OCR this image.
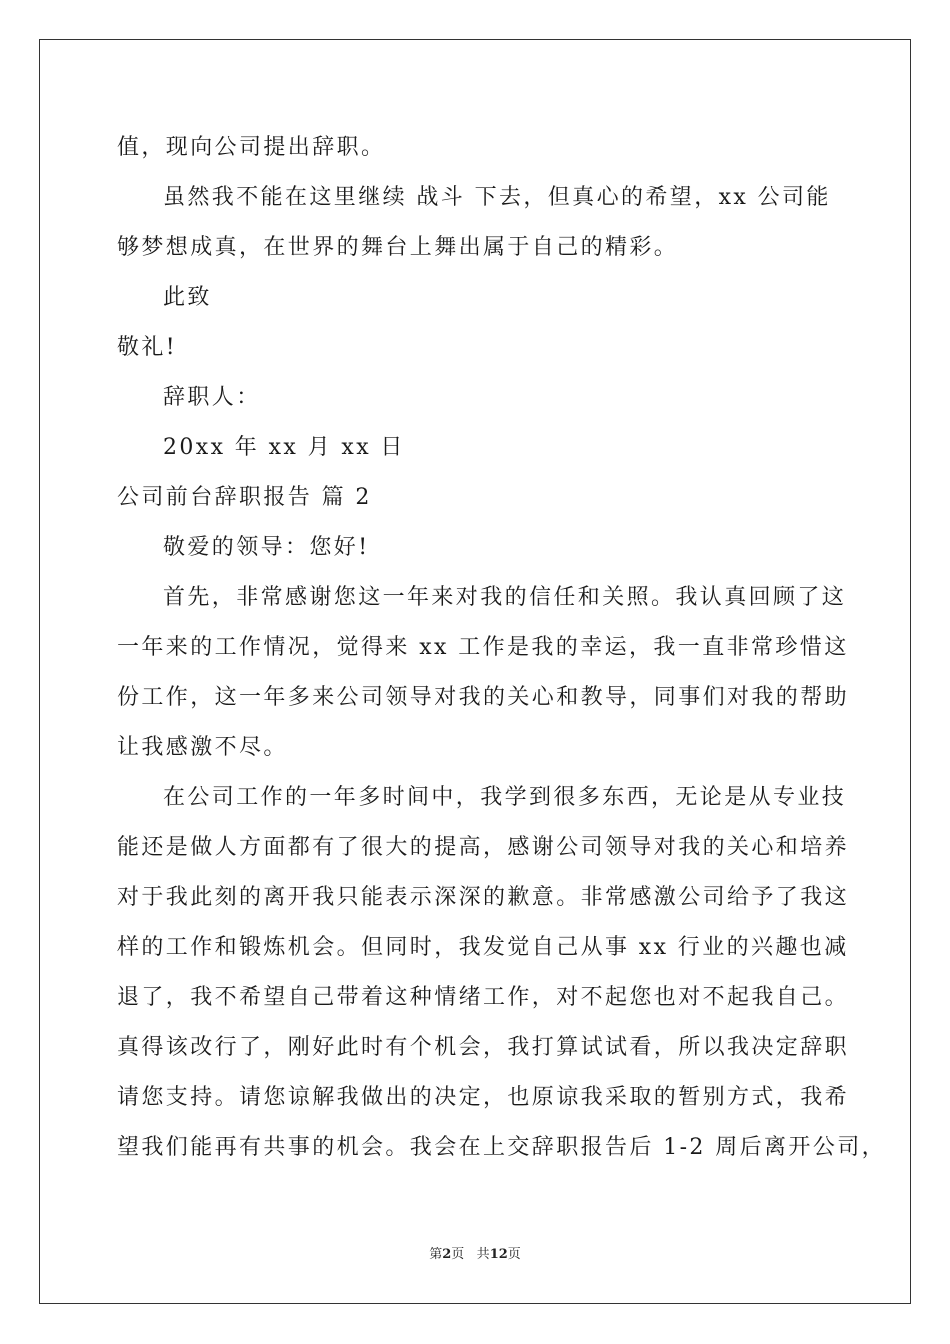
值，现向公司提出辞职。
虽然我不能在这里继续 战斗 下去，但真心的希望，xx 公司能
够梦想成真，在世界的舞台上舞出属于自己的精彩。
此致
敬礼!
辞职人：
20xx 年 xx 月 xx 日
公司前台辞职报告 篇 2
敬爱的领导：您好!
首先，非常感谢您这一年来对我的信任和关照。我认真回顾了这
一年来的工作情况，觉得来 xx 工作是我的幸运，我一直非常珍惜这
份工作，这一年多来公司领导对我的关心和教导，同事们对我的帮助
让我感激不尽。
在公司工作的一年多时间中，我学到很多东西，无论是从专业技
能还是做人方面都有了很大的提高，感谢公司领导对我的关心和培养
对于我此刻的离开我只能表示深深的歉意。非常感激公司给予了我这
样的工作和锻炼机会。但同时，我发觉自己从事 xx 行业的兴趣也减
退了，我不希望自己带着这种情绪工作，对不起您也对不起我自己。
真得该改行了，刚好此时有个机会，我打算试试看，所以我决定辞职
请您支持。请您谅解我做出的决定，也原谅我采取的暂别方式，我希
望我们能再有共事的机会。我会在上交辞职报告后 1-2 周后离开公司，
第2页 共12页
